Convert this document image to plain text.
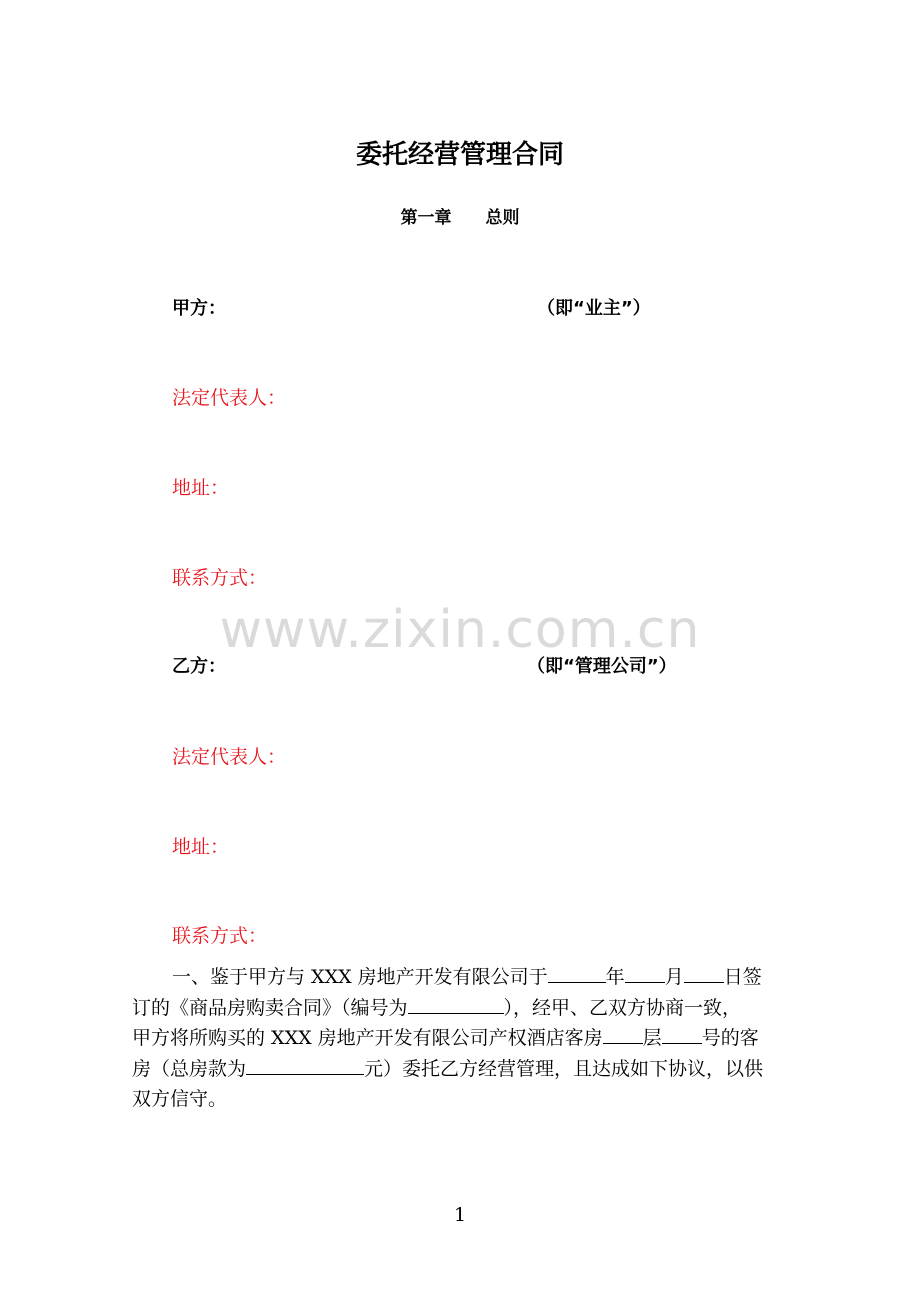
委托经营管理合同
第一章 总则
甲方：	（即“业主”）
法定代表人：
地址：
联系方式：
www.zixin.com.cn
乙方：	（即“管理公司”）
法定代表人：
地址：
联系方式：

一、鉴于甲方与 XXX 房地产开发有限公司于	年 月 日签

订的《商品房购卖合同》（编号为	），经甲、乙双方协商一致，

甲方将所购买的 XXX 房地产开发有限公司产权酒店客房 层 号的客

房（总房款为	元）委托乙方经营管理，且达成如下协议，以供

双方信守。

1
